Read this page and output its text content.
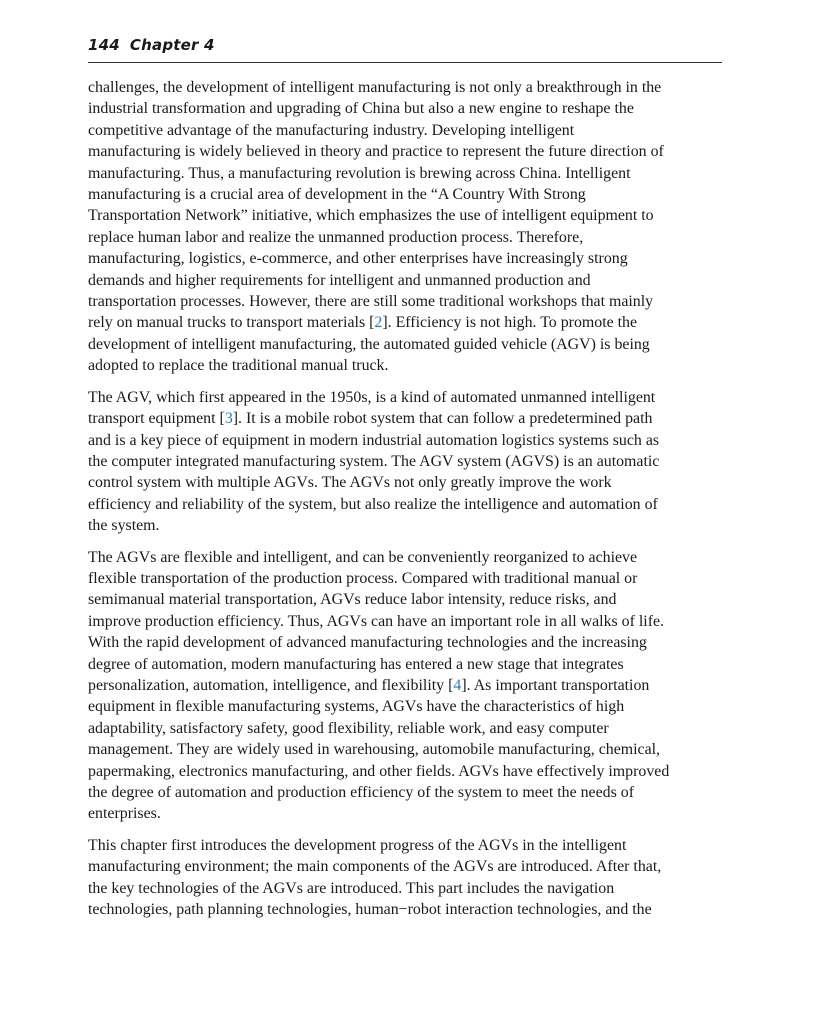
144 Chapter 4

challenges, the development of intelligent manufacturing is not only a breakthrough in the
industrial transformation and upgrading of China but also a new engine to reshape the
competitive advantage of the manufacturing industry. Developing intelligent
manufacturing is widely believed in theory and practice to represent the future direction of
manufacturing. Thus, a manufacturing revolution is brewing across China. Intelligent
manufacturing is a crucial area of development in the “A Country With Strong
Transportation Network” initiative, which emphasizes the use of intelligent equipment to
replace human labor and realize the unmanned production process. Therefore,
manufacturing, logistics, e-commerce, and other enterprises have increasingly strong
demands and higher requirements for intelligent and unmanned production and
transportation processes. However, there are still some traditional workshops that mainly
rely on manual trucks to transport materials [2]. Efficiency is not high. To promote the
development of intelligent manufacturing, the automated guided vehicle (AGV) is being
adopted to replace the traditional manual truck.

The AGV, which first appeared in the 1950s, is a kind of automated unmanned intelligent
transport equipment [3]. It is a mobile robot system that can follow a predetermined path
and is a key piece of equipment in modern industrial automation logistics systems such as
the computer integrated manufacturing system. The AGV system (AGVS) is an automatic
control system with multiple AGVs. The AGVs not only greatly improve the work
efficiency and reliability of the system, but also realize the intelligence and automation of
the system.

The AGVs are flexible and intelligent, and can be conveniently reorganized to achieve
flexible transportation of the production process. Compared with traditional manual or
semimanual material transportation, AGVs reduce labor intensity, reduce risks, and
improve production efficiency. Thus, AGVs can have an important role in all walks of life.
With the rapid development of advanced manufacturing technologies and the increasing
degree of automation, modern manufacturing has entered a new stage that integrates
personalization, automation, intelligence, and flexibility [4]. As important transportation
equipment in flexible manufacturing systems, AGVs have the characteristics of high
adaptability, satisfactory safety, good flexibility, reliable work, and easy computer
management. They are widely used in warehousing, automobile manufacturing, chemical,
papermaking, electronics manufacturing, and other fields. AGVs have effectively improved
the degree of automation and production efficiency of the system to meet the needs of
enterprises.

This chapter first introduces the development progress of the AGVs in the intelligent
manufacturing environment; the main components of the AGVs are introduced. After that,
the key technologies of the AGVs are introduced. This part includes the navigation
technologies, path planning technologies, human−robot interaction technologies, and the
